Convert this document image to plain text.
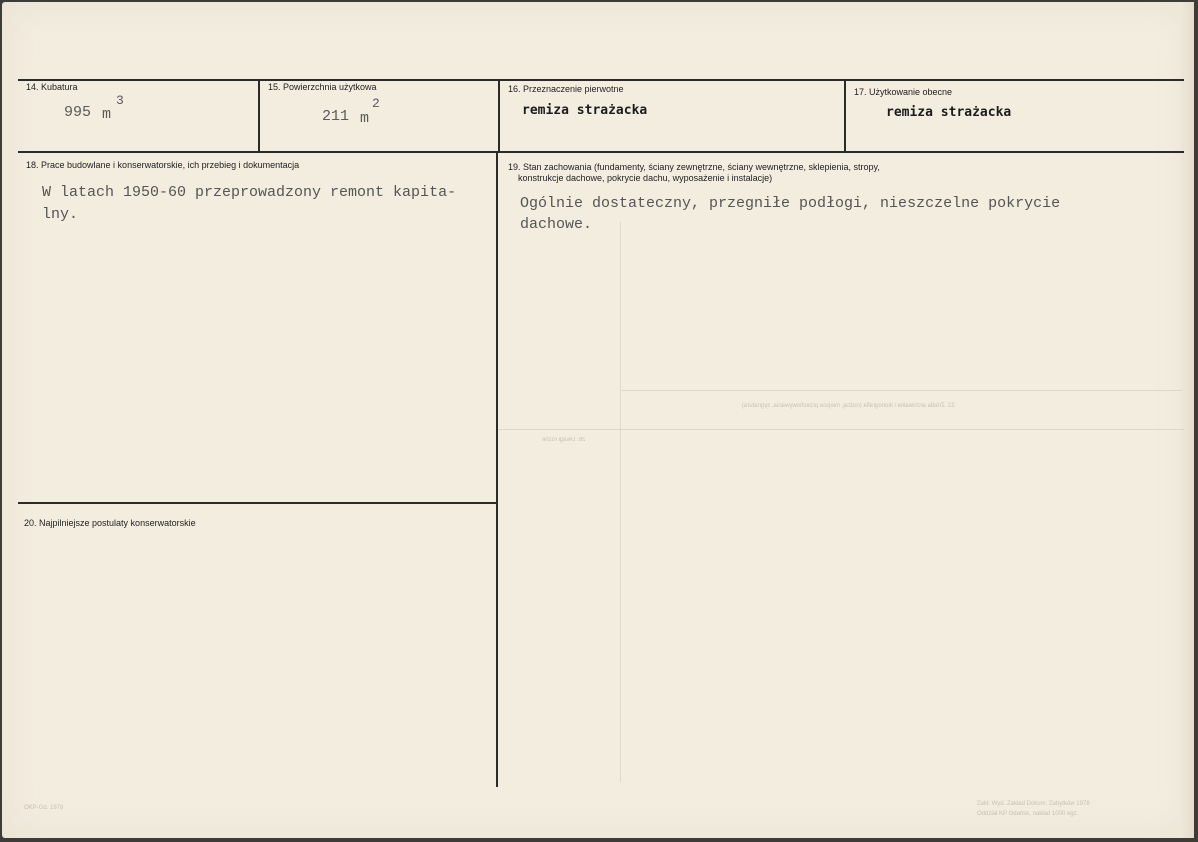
14. Kubatura
995 m
3
15. Powierzchnia użytkowa
211 m
2
16. Przeznaczenie pierwotne
remiza strażacka
17. Użytkowanie obecne
remiza strażacka
18. Prace budowlane i konserwatorskie, ich przebieg i dokumentacja
W latach 1950-60 przeprowadzony remont kapita-
lny.
19. Stan zachowania (fundamenty, ściany zewnętrzne, ściany wewnętrzne, sklepienia, stropy,
konstrukcje dachowe, pokrycie dachu, wyposażenie i instalacje)
Ogólnie dostateczny, przegniłe podłogi, nieszczelne pokrycie
dachowe.
20. Najpilniejsze postulaty konserwatorskie
22. Źródła archiwalne i ikonografia (rodzaj, miejsce przechowywania, sygnatura)
26. Uwagi różne
Zakł. Wyd. Zakład Dokum. Zabytków 1978
Oddział KP Gdańsk, nakład 1000 egz.
OKP-Gd. 1978
